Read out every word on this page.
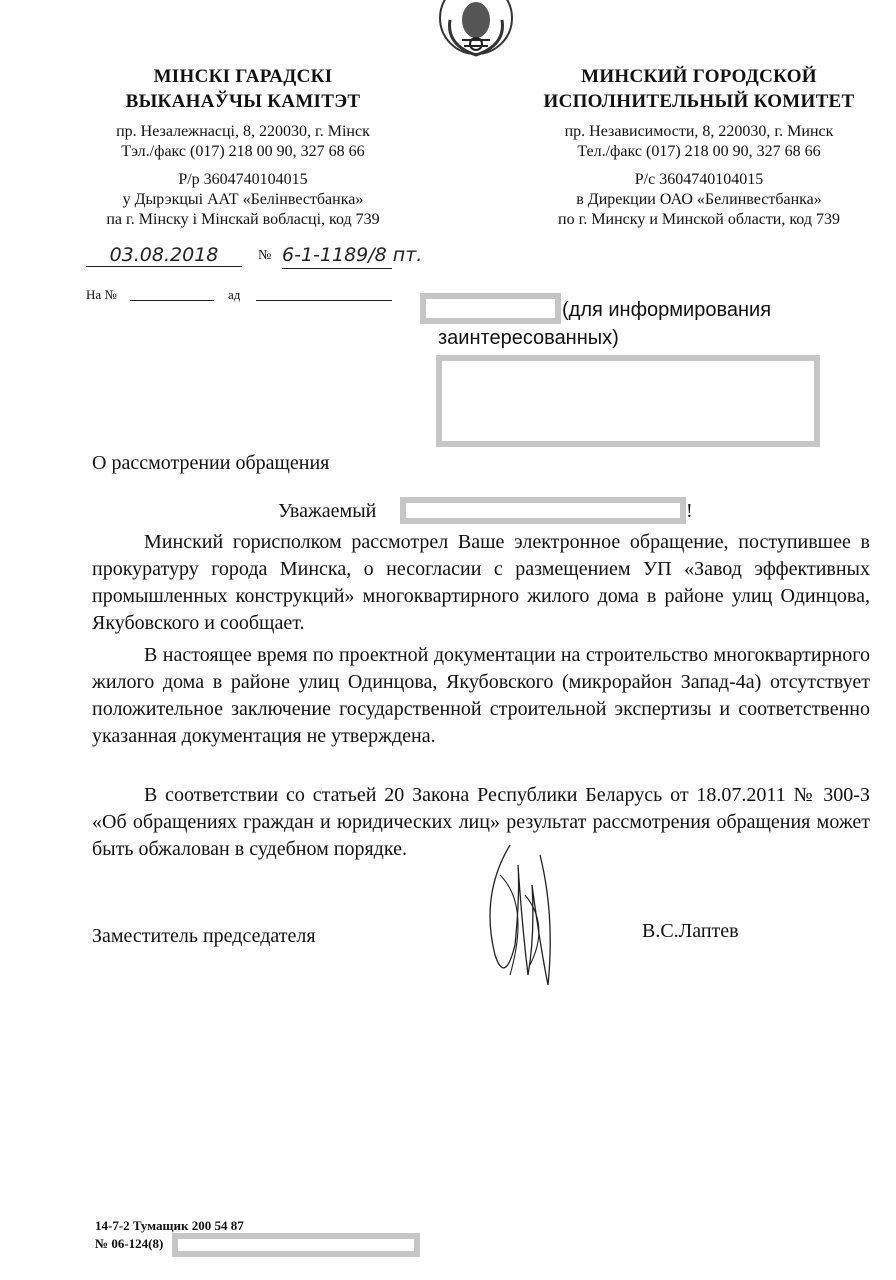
МІНСКІ ГАРАДСКІ
ВЫКАНАЎЧЫ КАМІТЭТ
пр. Незалежнасці, 8, 220030, г. Мінск
Тэл./факс (017) 218 00 90, 327 68 66
Р/р 3604740104015
у Дырэкцыі ААТ «Белінвестбанка»
па г. Мінску і Мінскай вобласці, код 739
МИНСКИЙ ГОРОДСКОЙ
ИСПОЛНИТЕЛЬНЫЙ КОМИТЕТ
пр. Независимости, 8, 220030, г. Минск
Тел./факс (017) 218 00 90, 327 68 66
Р/с 3604740104015
в Дирекции ОАО «Белинвестбанка»
по г. Минску и Минской области, код 739
03.08.2018	№ 6-1-1189/8 пт.
На №	ад
(для информирования
заинтересованных)
О рассмотрении обращения
Уважаемый	!
Минский горисполком рассмотрел Ваше электронное обращение, поступившее в прокуратуру города Минска, о несогласии с размещением УП «Завод эффективных промышленных конструкций» многоквартирного жилого дома в районе улиц Одинцова, Якубовского и сообщает.
В настоящее время по проектной документации на строительство многоквартирного жилого дома в районе улиц Одинцова, Якубовского (микрорайон Запад-4а) отсутствует положительное заключение государственной строительной экспертизы и соответственно указанная документация не утверждена.
В соответствии со статьей 20 Закона Республики Беларусь от 18.07.2011 № 300-З «Об обращениях граждан и юридических лиц» результат рассмотрения обращения может быть обжалован в судебном порядке.
Заместитель председателя	В.С.Лаптев
14-7-2 Тумащик 200 54 87
№ 06-124(8)
